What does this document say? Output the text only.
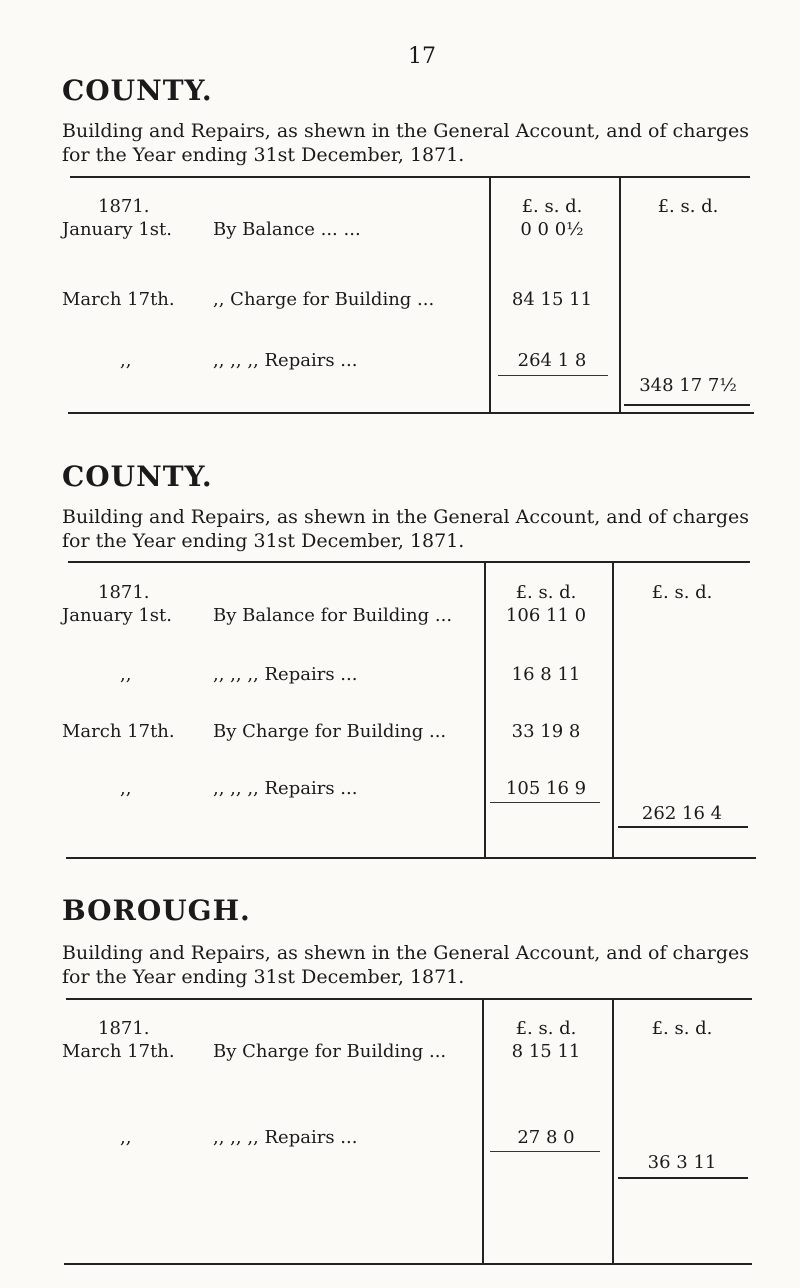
17
COUNTY.
Building and Repairs, as shewn in the General Account, and of charges for the Year ending 31st December, 1871.
1871.	£. s. d.	£. s. d.
January 1st.	By Balance ... ...	0 0 0½
March 17th.	,, Charge for Building ...	84 15 11
,,	,, ,, ,, Repairs ...	264 1 8
348 17 7½
COUNTY.
Building and Repairs, as shewn in the General Account, and of charges for the Year ending 31st December, 1871.
1871.	£. s. d.	£. s. d.
January 1st.	By Balance for Building ...	106 11 0
,,	,, ,, ,, Repairs ...	16 8 11
March 17th.	By Charge for Building ...	33 19 8
,,	,, ,, ,, Repairs ...	105 16 9
262 16 4
BOROUGH.
Building and Repairs, as shewn in the General Account, and of charges for the Year ending 31st December, 1871.
1871.	£. s. d.	£. s. d.
March 17th.	By Charge for Building ...	8 15 11
,,	,, ,, ,, Repairs ...	27 8 0
36 3 11
